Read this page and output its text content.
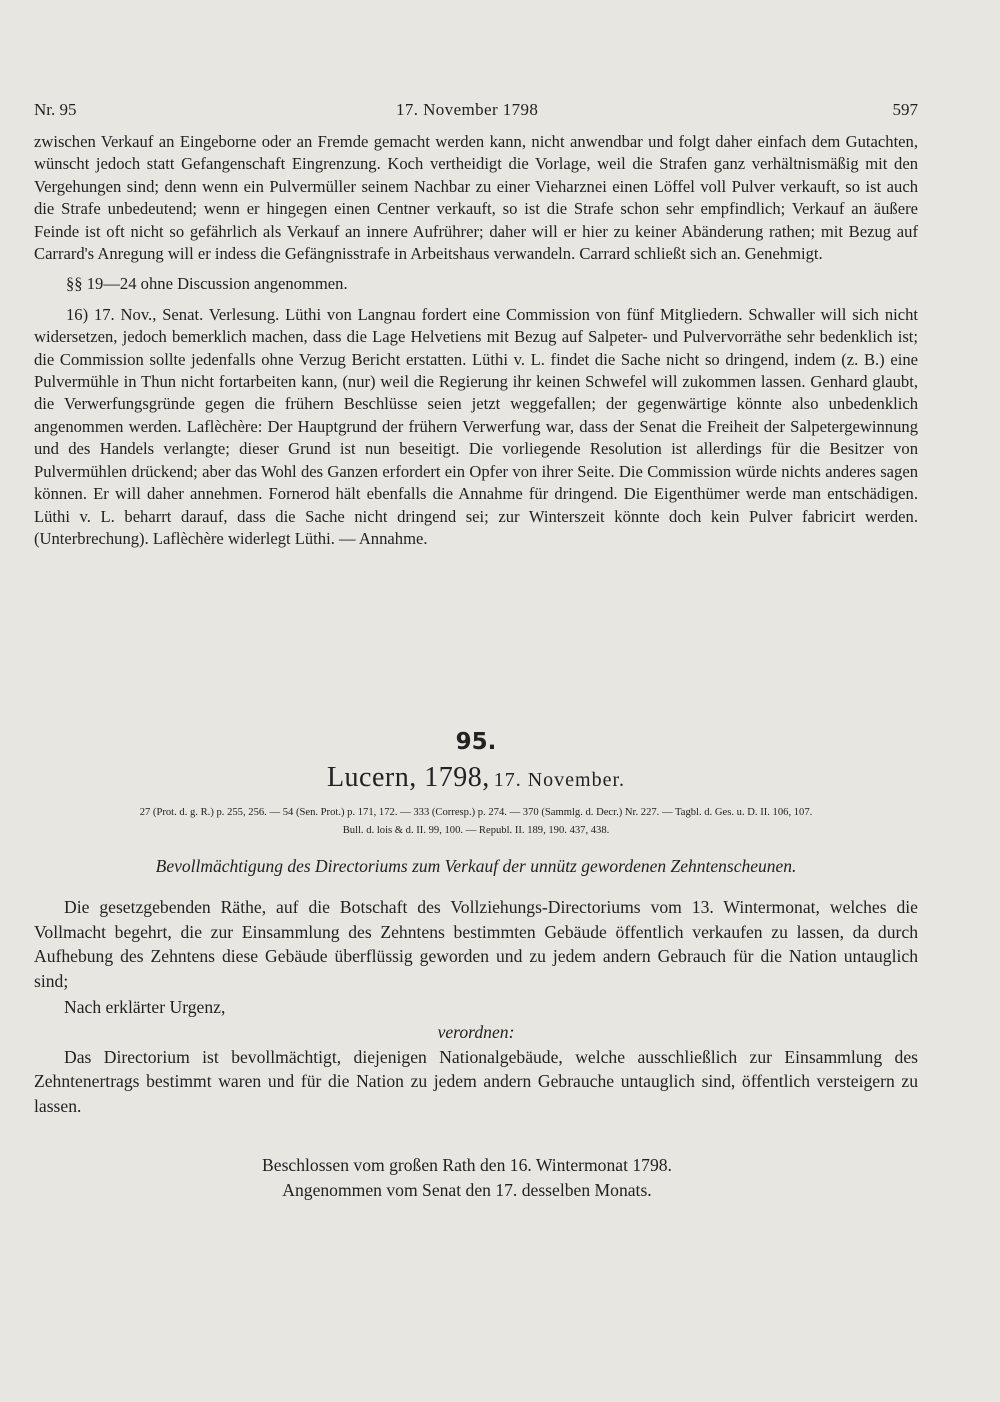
Nr. 95	17. November 1798	597

zwischen Verkauf an Eingeborne oder an Fremde gemacht werden kann, nicht anwendbar und folgt daher einfach dem Gutachten, wünscht jedoch statt Gefangenschaft Eingrenzung. Koch vertheidigt die Vorlage, weil die Strafen ganz verhältnismäßig mit den Vergehungen sind; denn wenn ein Pulvermüller seinem Nachbar zu einer Vieharznei einen Löffel voll Pulver verkauft, so ist auch die Strafe unbedeutend; wenn er hingegen einen Centner verkauft, so ist die Strafe schon sehr empfindlich; Verkauf an äußere Feinde ist oft nicht so gefährlich als Verkauf an innere Aufrührer; daher will er hier zu keiner Abänderung rathen; mit Bezug auf Carrard's Anregung will er indess die Gefängnisstrafe in Arbeitshaus verwandeln. Carrard schließt sich an. Genehmigt.

§§ 19—24 ohne Discussion angenommen.

16) 17. Nov., Senat. Verlesung. Lüthi von Langnau fordert eine Commission von fünf Mitgliedern. Schwaller will sich nicht widersetzen, jedoch bemerklich machen, dass die Lage Helvetiens mit Bezug auf Salpeter- und Pulvervorräthe sehr bedenklich ist; die Commission sollte jedenfalls ohne Verzug Bericht erstatten. Lüthi v. L. findet die Sache nicht so dringend, indem (z. B.) eine Pulvermühle in Thun nicht fortarbeiten kann, (nur) weil die Regierung ihr keinen Schwefel will zukommen lassen. Genhard glaubt, die Verwerfungsgründe gegen die frühern Beschlüsse seien jetzt weggefallen; der gegenwärtige könnte also unbedenklich angenommen werden. Laflèchère: Der Hauptgrund der frühern Verwerfung war, dass der Senat die Freiheit der Salpetergewinnung und des Handels verlangte; dieser Grund ist nun beseitigt. Die vorliegende Resolution ist allerdings für die Besitzer von Pulvermühlen drückend; aber das Wohl des Ganzen erfordert ein Opfer von ihrer Seite. Die Commission würde nichts anderes sagen können. Er will daher annehmen. Fornerod hält ebenfalls die Annahme für dringend. Die Eigenthümer werde man entschädigen. Lüthi v. L. beharrt darauf, dass die Sache nicht dringend sei; zur Winterszeit könnte doch kein Pulver fabricirt werden. (Unterbrechung). Laflèchère widerlegt Lüthi. — Annahme.

95.
Lucern, 1798, 17. November.
27 (Prot. d. g. R.) p. 255, 256. — 54 (Sen. Prot.) p. 171, 172. — 333 (Corresp.) p. 274. — 370 (Sammlg. d. Decr.) Nr. 227. — Tagbl. d. Ges. u. D. II. 106, 107.
Bull. d. lois & d. II. 99, 100. — Republ. II. 189, 190. 437, 438.
Bevollmächtigung des Directoriums zum Verkauf der unnütz gewordenen Zehntenscheunen.

Die gesetzgebenden Räthe, auf die Botschaft des Vollziehungs-Directoriums vom 13. Wintermonat, welches die Vollmacht begehrt, die zur Einsammlung des Zehntens bestimmten Gebäude öffentlich verkaufen zu lassen, da durch Aufhebung des Zehntens diese Gebäude überflüssig geworden und zu jedem andern Gebrauch für die Nation untauglich sind;

Nach erklärter Urgenz,

verordnen:

Das Directorium ist bevollmächtigt, diejenigen Nationalgebäude, welche ausschließlich zur Einsammlung des Zehntenertrags bestimmt waren und für die Nation zu jedem andern Gebrauche untauglich sind, öffentlich versteigern zu lassen.

Beschlossen vom großen Rath den 16. Wintermonat 1798.
Angenommen vom Senat den 17. desselben Monats.
